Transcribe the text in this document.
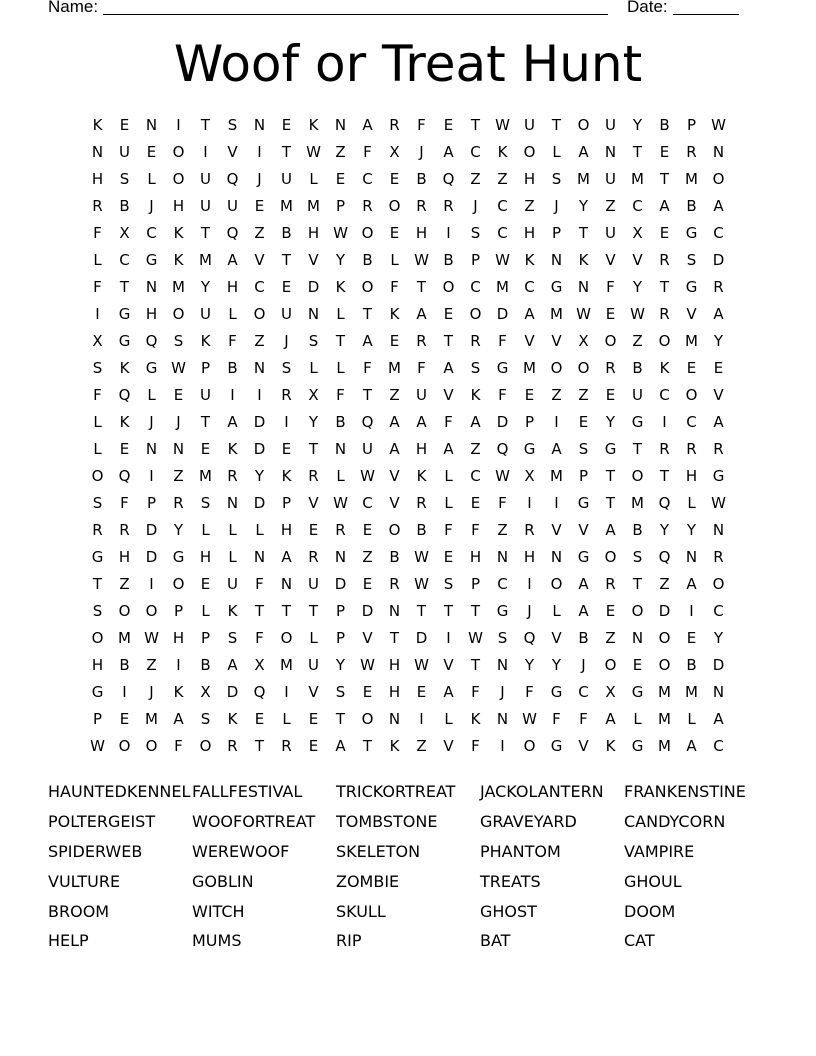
Name:	Date:
Woof or Treat Hunt
K	E	N	I	T	S	N	E	K	N	A	R	F	E	T	W U	T	O	U	Y	B	P	W
N	U	E	O	I	V	I	T	W Z	F	X	J	A	C	K	O	L	A	N	T	E	R	N
H	S	L	O	U	Q	J	U	L	E	C	E	B	Q	Z	Z	H	S	M	U	M	T	M O
R	B	J	H	U	U	E	M M	P	R	O	R	R	J	C	Z	J	Y	Z	C	A	B	A
F	X	C	K	T	Q	Z	B	H W O	E	H	I	S	C	H	P	T	U	X	E	G	C
L	C	G	K	M	A	V	T	V	Y	B	L	W B	P	W K	N	K	V	V	R	S	D
F	T	N M	Y	H	C	E	D	K	O	F	T	O	C	M	C	G	N	F	Y	T	G	R
I	G	H	O	U	L	O	U	N	L	T	K	A	E	O	D	A	M W E W R	V	A
X	G	Q	S	K	F	Z	J	S	T	A	E	R	T	R	F	V	V	X	O	Z	O M	Y
S	K	G W	P	B	N	S	L	L	F	M	F	A	S	G M O	O	R	B	K	E	E
F	Q	L	E	U	I	I	R	X	F	T	Z	U	V	K	F	E	Z	Z	E	U	C	O	V
L	K	J	J	T	A	D	I	Y	B	Q	A	A	F	A	D	P	I	E	Y	G	I	C	A
L	E	N	N	E	K	D	E	T	N	U	A	H	A	Z	Q	G	A	S	G	T	R	R	R
O	Q	I	Z	M	R	Y	K	R	L	W V	K	L	C W X	M	P	T	O	T	H	G
S	F	P	R	S	N	D	P	V W C	V	R	L	E	F	I	I	G	T	M Q	L	W
R	R	D	Y	L	L	L	H	E	R	E	O	B	F	F	Z	R	V	V	A	B	Y	Y	N
G	H	D	G	H	L	N	A	R	N	Z	B W E	H	N	H	N	G	O	S	Q	N	R
T	Z	I	O	E	U	F	N	U	D	E	R W S	P	C	I	O	A	R	T	Z	A	O
S	O	O	P	L	K	T	T	T	P	D	N	T	T	T	G	J	L	A	E	O	D	I	C
O M W H	P	S	F	O	L	P	V	T	D	I	W S	Q	V	B	Z	N	O	E	Y
H	B	Z	I	B	A	X	M	U	Y	W H W V	T	N	Y	Y	J	O	E	O	B	D
G	I	J	K	X	D	Q	I	V	S	E	H	E	A	F	J	F	G	C	X	G M M N
P	E	M	A	S	K	E	L	E	T	O	N	I	L	K	N W	F	F	A	L	M	L	A
W O	O	F	O	R	T	R	E	A	T	K	Z	V	F	I	O	G	V	K	G M	A	C
HAUNTEDKENNEL FALLFESTIVAL	TRICKORTREAT	JACKOLANTERN	FRANKENSTINE
POLTERGEIST	WOOFORTREAT	TOMBSTONE	GRAVEYARD	CANDYCORN
SPIDERWEB	WEREWOOF	SKELETON	PHANTOM	VAMPIRE
VULTURE	GOBLIN	ZOMBIE	TREATS	GHOUL
BROOM	WITCH	SKULL	GHOST	DOOM
HELP	MUMS	RIP	BAT	CAT
